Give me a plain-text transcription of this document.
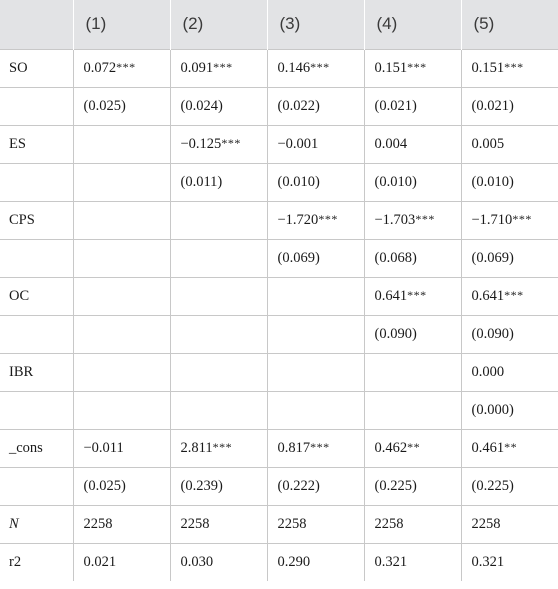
	(1)	(2)	(3)	(4)	(5)
SO	0.072***	0.091***	0.146***	0.151***	0.151***
	(0.025)	(0.024)	(0.022)	(0.021)	(0.021)
ES		−0.125***	−0.001	0.004	0.005
		(0.011)	(0.010)	(0.010)	(0.010)
CPS			−1.720***	−1.703***	−1.710***
			(0.069)	(0.068)	(0.069)
OC				0.641***	0.641***
				(0.090)	(0.090)
IBR					0.000
					(0.000)
_cons	−0.011	2.811***	0.817***	0.462**	0.461**
	(0.025)	(0.239)	(0.222)	(0.225)	(0.225)
N	2258	2258	2258	2258	2258
r2	0.021	0.030	0.290	0.321	0.321
